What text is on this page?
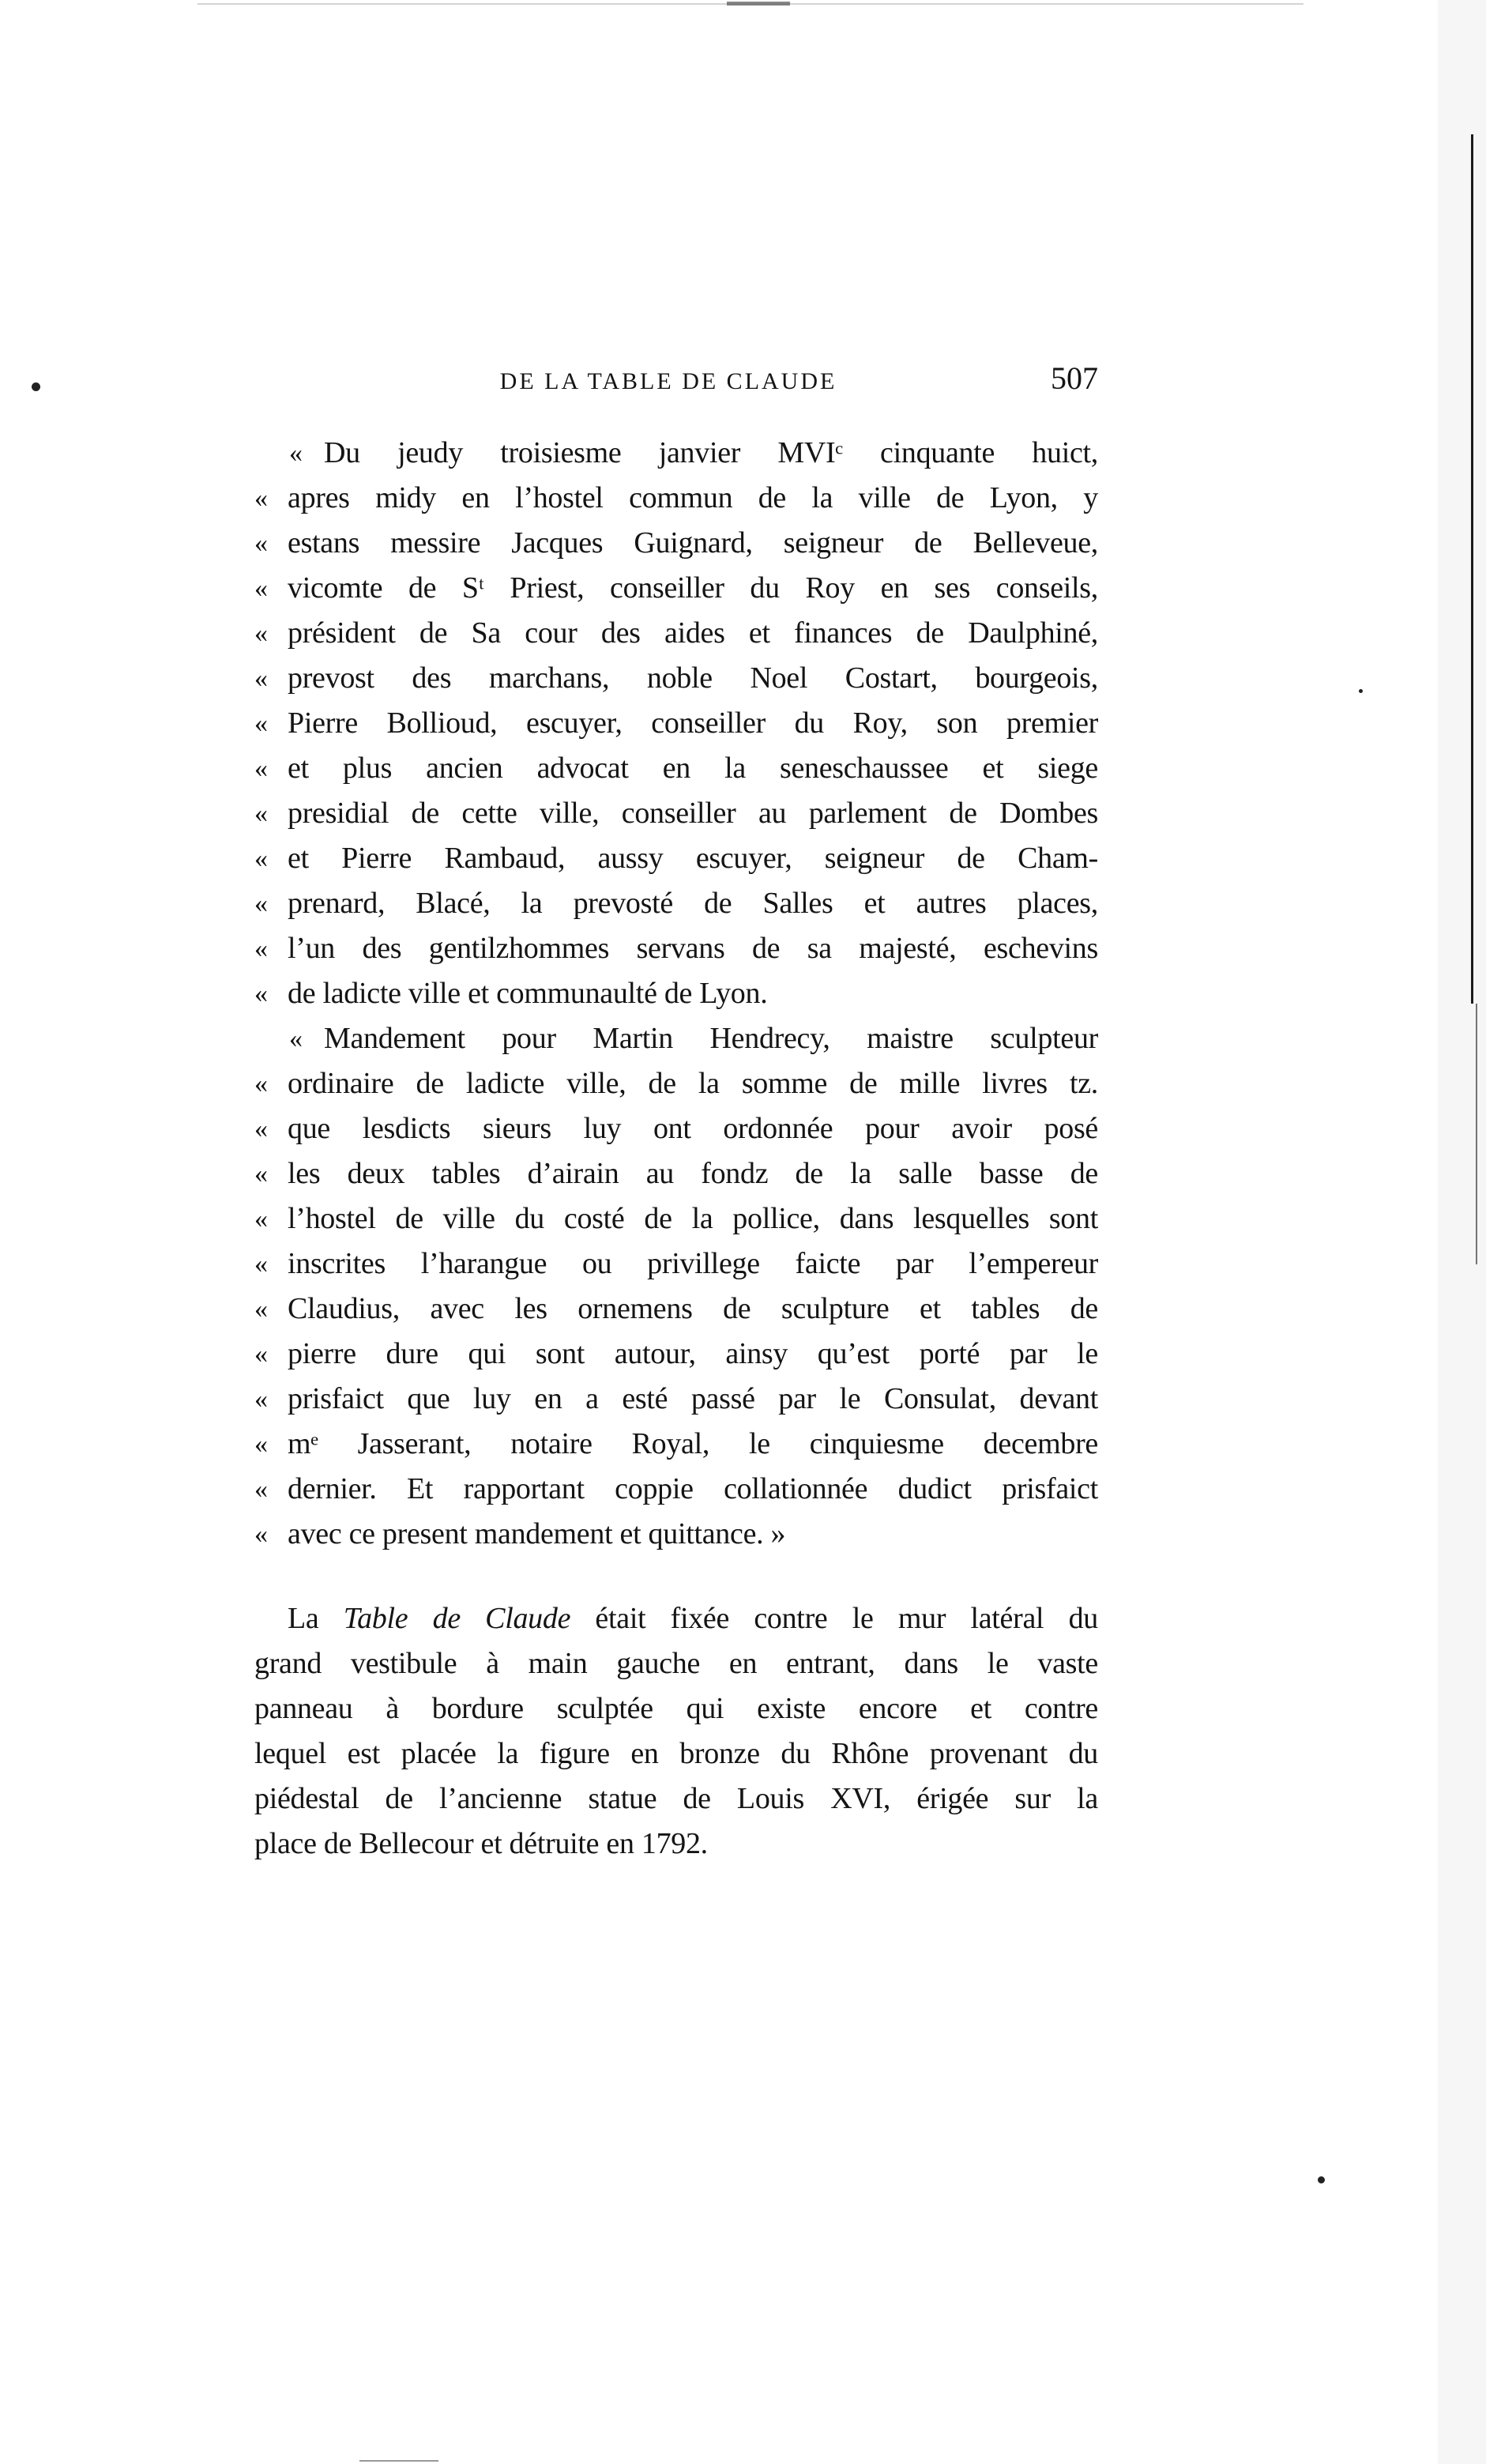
DE LA TABLE DE CLAUDE	507
« Du jeudy troisiesme janvier MVIᶜ cinquante huict,
« apres midy en l’hostel commun de la ville de Lyon, y
« estans messire Jacques Guignard, seigneur de Belleveue,
« vicomte de Sᵗ Priest, conseiller du Roy en ses conseils,
« président de Sa cour des aides et finances de Daulphiné,
« prevost des marchans, noble Noel Costart, bourgeois,
« Pierre Bollioud, escuyer, conseiller du Roy, son premier
« et plus ancien advocat en la seneschaussee et siege
« presidial de cette ville, conseiller au parlement de Dombes
« et Pierre Rambaud, aussy escuyer, seigneur de Cham-
« prenard, Blacé, la prevosté de Salles et autres places,
« l’un des gentilzhommes servans de sa majesté, eschevins
« de ladicte ville et communaulté de Lyon.
« Mandement pour Martin Hendrecy, maistre sculpteur
« ordinaire de ladicte ville, de la somme de mille livres tz.
« que lesdicts sieurs luy ont ordonnée pour avoir posé
« les deux tables d’airain au fondz de la salle basse de
« l’hostel de ville du costé de la pollice, dans lesquelles sont
« inscrites l’harangue ou privillege faicte par l’empereur
« Claudius, avec les ornemens de sculpture et tables de
« pierre dure qui sont autour, ainsy qu’est porté par le
« prisfaict que luy en a esté passé par le Consulat, devant
« mᵉ Jasserant, notaire Royal, le cinquiesme decembre
« dernier. Et rapportant coppie collationnée dudict prisfaict
« avec ce present mandement et quittance. »
La Table de Claude était fixée contre le mur latéral du
grand vestibule à main gauche en entrant, dans le vaste
panneau à bordure sculptée qui existe encore et contre
lequel est placée la figure en bronze du Rhône provenant du
piédestal de l’ancienne statue de Louis XVI, érigée sur la
place de Bellecour et détruite en 1792.
